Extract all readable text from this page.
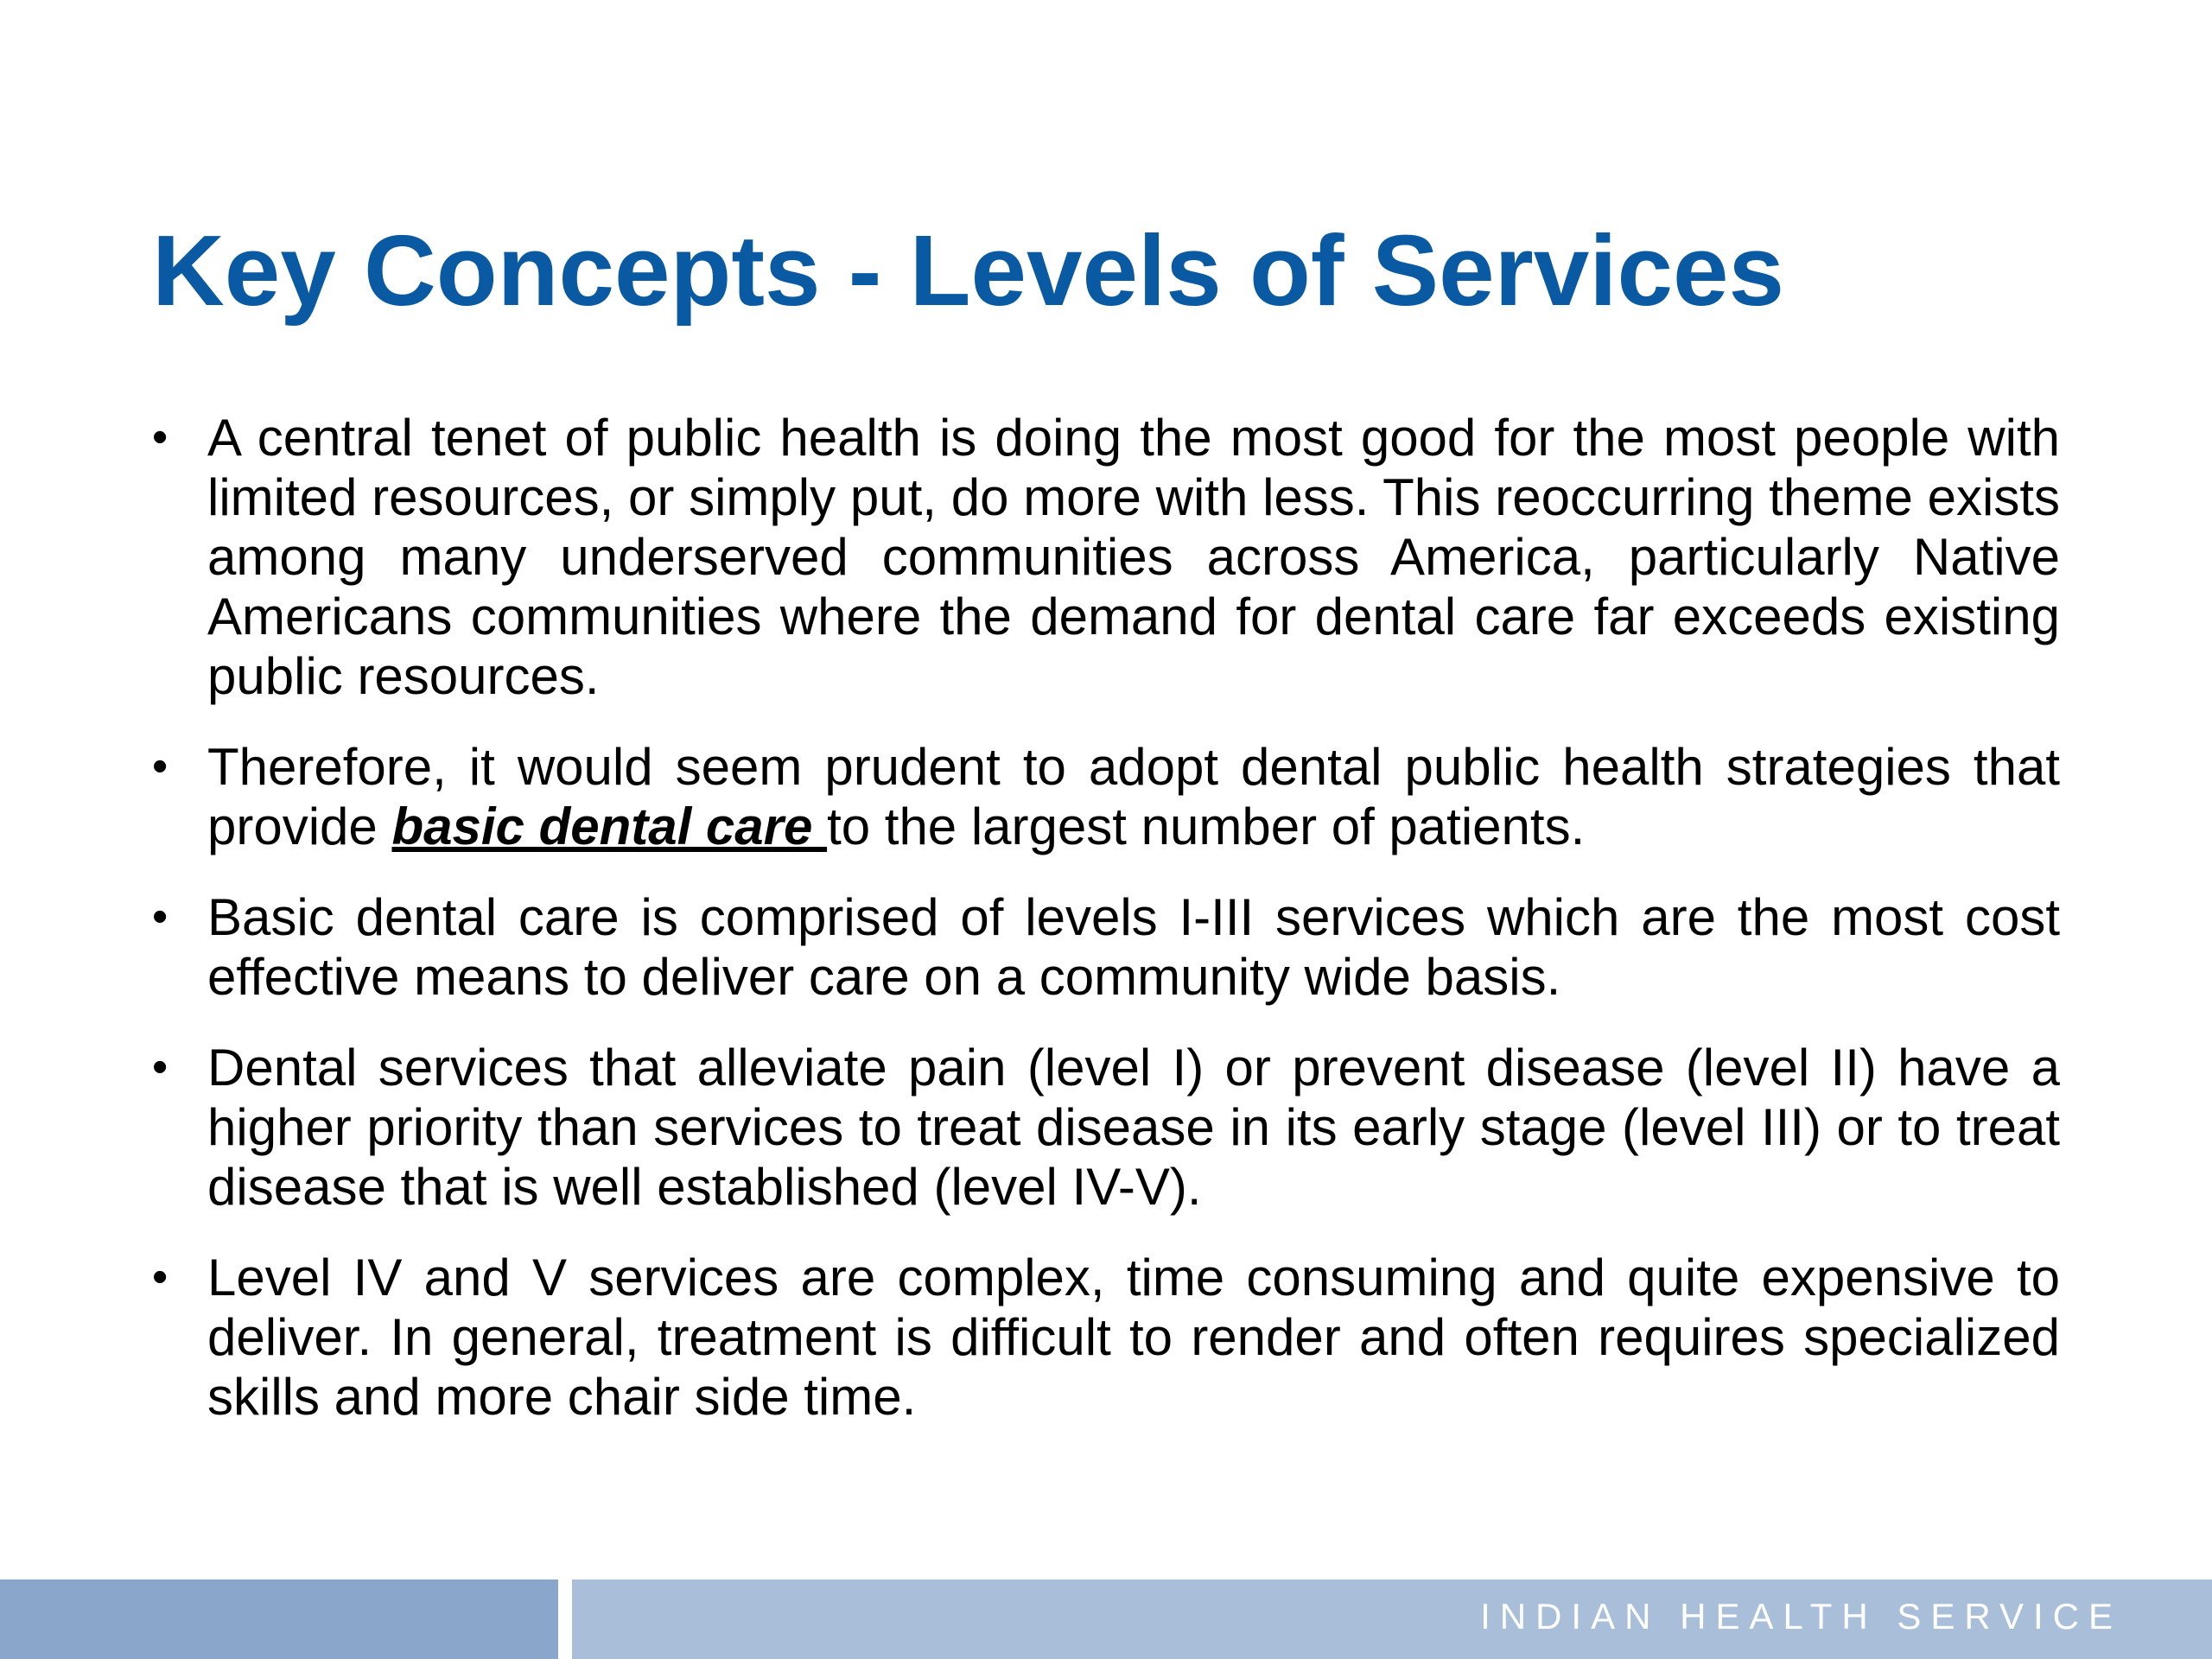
Key Concepts - Levels of Services
• A central tenet of public health is doing the most good for the most people with limited resources, or simply put, do more with less. This reoccurring theme exists among many underserved communities across America, particularly Native Americans communities where the demand for dental care far exceeds existing public resources.
• Therefore, it would seem prudent to adopt dental public health strategies that provide basic dental care to the largest number of patients.
• Basic dental care is comprised of levels I-III services which are the most cost effective means to deliver care on a community wide basis.
• Dental services that alleviate pain (level I) or prevent disease (level II) have a higher priority than services to treat disease in its early stage (level III) or to treat disease that is well established (level IV-V).
• Level IV and V services are complex, time consuming and quite expensive to deliver. In general, treatment is difficult to render and often requires specialized skills and more chair side time.
INDIAN HEALTH SERVICE
